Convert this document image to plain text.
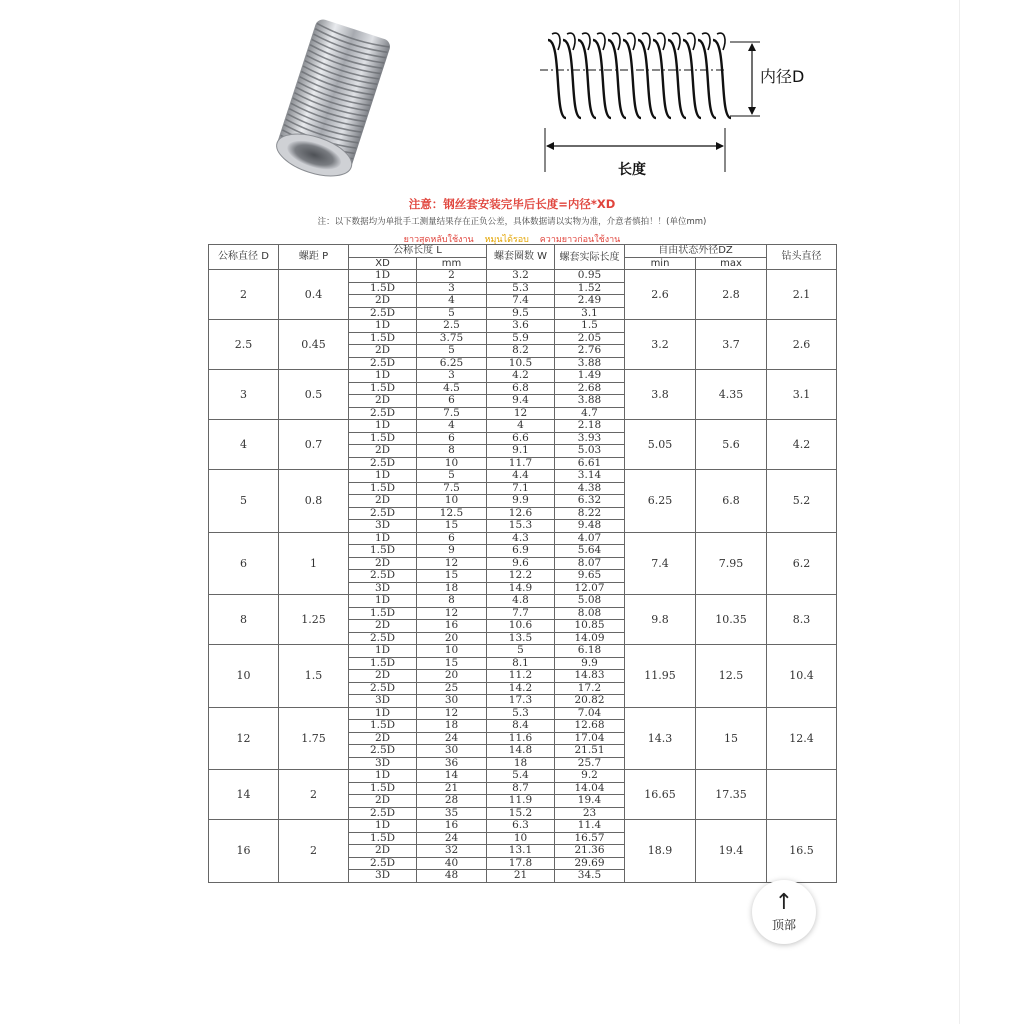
内径D
长度
注意：钢丝套安装完毕后长度=内径*XD
注：以下数据均为单批手工测量结果存在正负公差，具体数据请以实物为准，介意者慎拍！！(单位mm)
ยาวสุดหลับใช้งาน หมุนได้รอบ ความยาวก่อนใช้งาน
公称直径 D	螺距 P	公称长度 L		螺套圈数 W	螺套实际长度	自由状态外径DZ		钻头直径
		XD	mm			min	max	
2	0.4	1D	2	3.2	0.95	2.6	2.8	2.1
		1.5D	3	5.3	1.52			
		2D	4	7.4	2.49			
		2.5D	5	9.5	3.1			
2.5	0.45	1D	2.5	3.6	1.5	3.2	3.7	2.6
		1.5D	3.75	5.9	2.05			
		2D	5	8.2	2.76			
		2.5D	6.25	10.5	3.88			
3	0.5	1D	3	4.2	1.49	3.8	4.35	3.1
		1.5D	4.5	6.8	2.68			
		2D	6	9.4	3.88			
		2.5D	7.5	12	4.7			
4	0.7	1D	4	4	2.18	5.05	5.6	4.2
		1.5D	6	6.6	3.93			
		2D	8	9.1	5.03			
		2.5D	10	11.7	6.61			
5	0.8	1D	5	4.4	3.14	6.25	6.8	5.2
		1.5D	7.5	7.1	4.38			
		2D	10	9.9	6.32			
		2.5D	12.5	12.6	8.22			
		3D	15	15.3	9.48			
6	1	1D	6	4.3	4.07	7.4	7.95	6.2
		1.5D	9	6.9	5.64			
		2D	12	9.6	8.07			
		2.5D	15	12.2	9.65			
		3D	18	14.9	12.07			
8	1.25	1D	8	4.8	5.08	9.8	10.35	8.3
		1.5D	12	7.7	8.08			
		2D	16	10.6	10.85			
		2.5D	20	13.5	14.09			
10	1.5	1D	10	5	6.18	11.95	12.5	10.4
		1.5D	15	8.1	9.9			
		2D	20	11.2	14.83			
		2.5D	25	14.2	17.2			
		3D	30	17.3	20.82			
12	1.75	1D	12	5.3	7.04	14.3	15	12.4
		1.5D	18	8.4	12.68			
		2D	24	11.6	17.04			
		2.5D	30	14.8	21.51			
		3D	36	18	25.7			
14	2	1D	14	5.4	9.2	16.65	17.35	
		1.5D	21	8.7	14.04			
		2D	28	11.9	19.4			
		2.5D	35	15.2	23			
16	2	1D	16	6.3	11.4	18.9	19.4	16.5
		1.5D	24	10	16.57			
		2D	32	13.1	21.36			
		2.5D	40	17.8	29.69			
		3D	48	21	34.5			
↑
顶部
